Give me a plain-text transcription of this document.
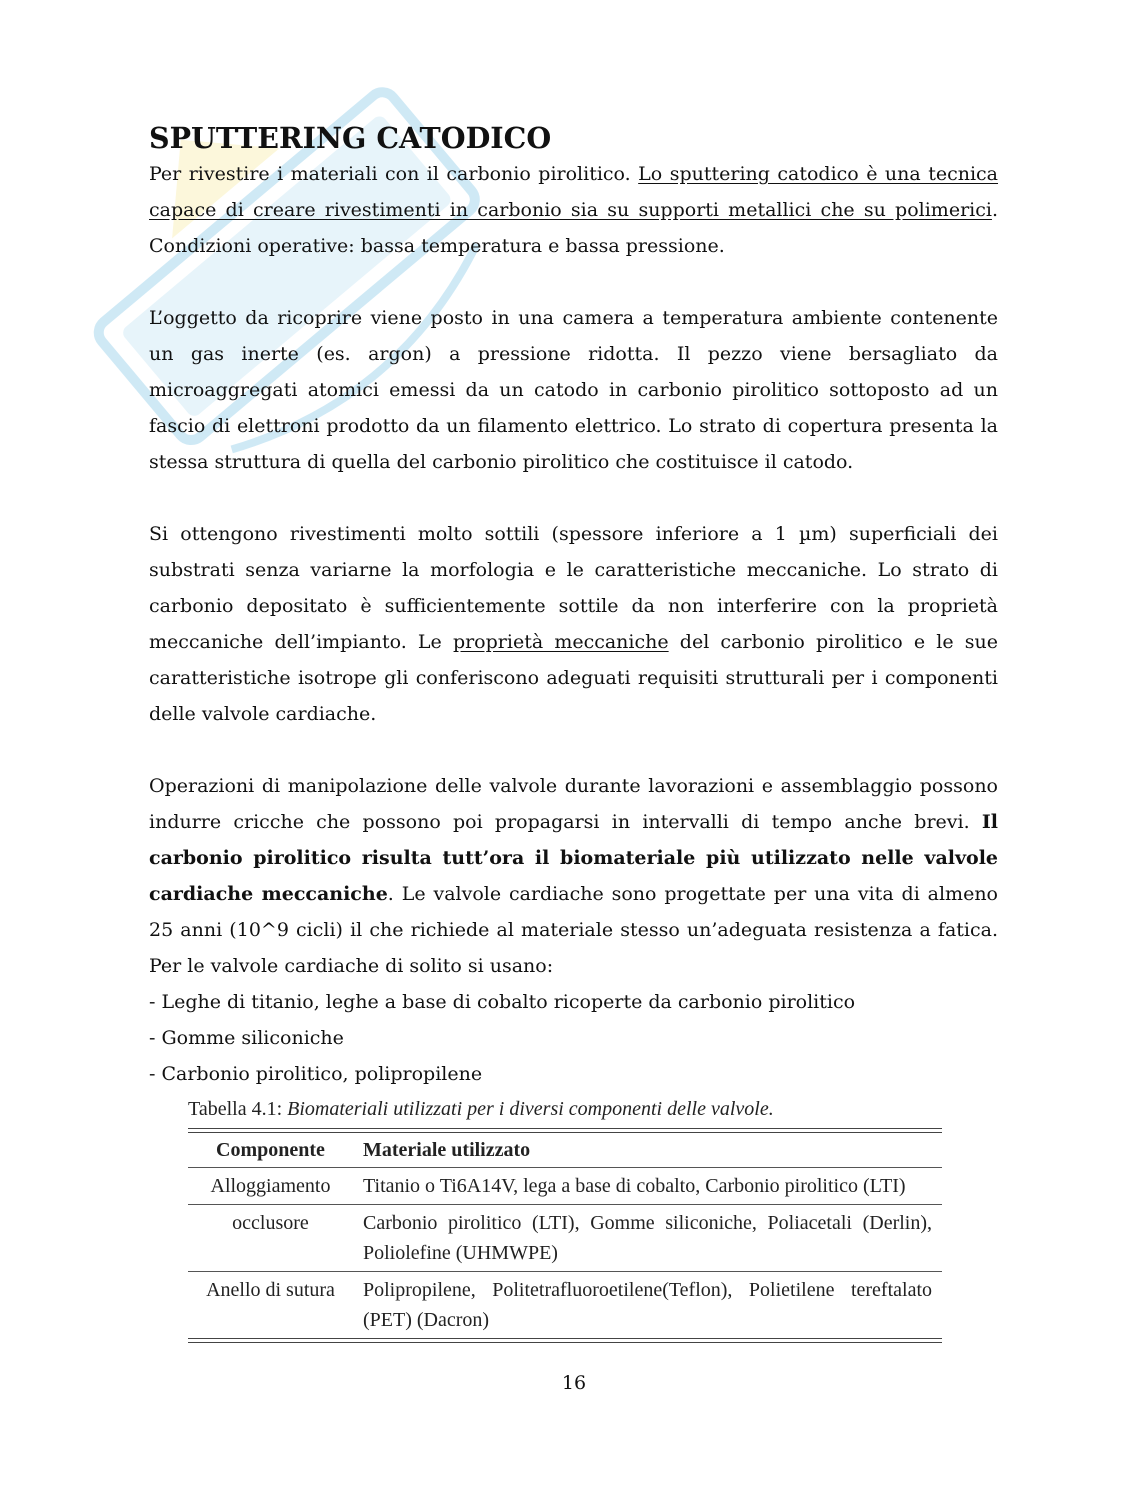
SPUTTERING CATODICO

Per rivestire i materiali con il carbonio pirolitico. Lo sputtering catodico è una tecnica capace di creare rivestimenti in carbonio sia su supporti metallici che su polimerici. Condizioni operative: bassa temperatura e bassa pressione.

L’oggetto da ricoprire viene posto in una camera a temperatura ambiente contenente un gas inerte (es. argon) a pressione ridotta. Il pezzo viene bersagliato da microaggregati atomici emessi da un catodo in carbonio pirolitico sottoposto ad un fascio di elettroni prodotto da un filamento elettrico. Lo strato di copertura presenta la stessa struttura di quella del carbonio pirolitico che costituisce il catodo.

Si ottengono rivestimenti molto sottili (spessore inferiore a 1 µm) superficiali dei substrati senza variarne la morfologia e le caratteristiche meccaniche. Lo strato di carbonio depositato è sufficientemente sottile da non interferire con la proprietà meccaniche dell’impianto. Le proprietà meccaniche del carbonio pirolitico e le sue caratteristiche isotrope gli conferiscono adeguati requisiti strutturali per i componenti delle valvole cardiache.

Operazioni di manipolazione delle valvole durante lavorazioni e assemblaggio possono indurre cricche che possono poi propagarsi in intervalli di tempo anche brevi. Il carbonio pirolitico risulta tutt’ora il biomateriale più utilizzato nelle valvole cardiache meccaniche. Le valvole cardiache sono progettate per una vita di almeno 25 anni (10^9 cicli) il che richiede al materiale stesso un’adeguata resistenza a fatica. Per le valvole cardiache di solito si usano:

- Leghe di titanio, leghe a base di cobalto ricoperte da carbonio pirolitico
- Gomme siliconiche
- Carbonio pirolitico, polipropilene
Tabella 4.1: Biomateriali utilizzati per i diversi componenti delle valvole.
Componente	Materiale utilizzato
Alloggiamento	Titanio o Ti6A14V, lega a base di cobalto, Carbonio pirolitico (LTI)
occlusore	Carbonio pirolitico (LTI), Gomme siliconiche, Poliacetali (Derlin), Poliolefine (UHMWPE)
Anello di sutura	Polipropilene, Politetrafluoroetilene(Teflon), Polietilene tereftalato (PET) (Dacron)
16
